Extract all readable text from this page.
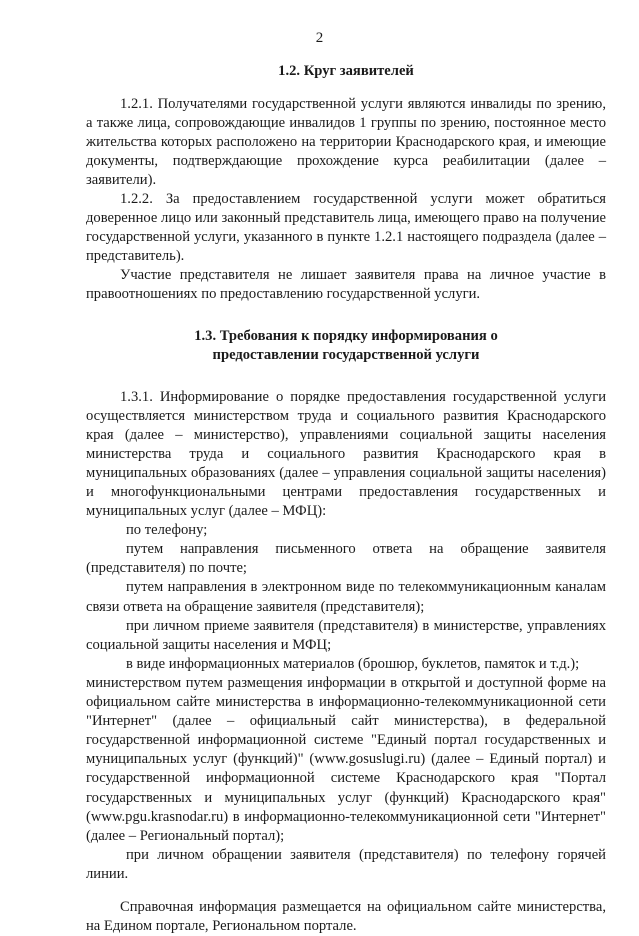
2
1.2. Круг заявителей

1.2.1. Получателями государственной услуги являются инвалиды по зрению, а также лица, сопровождающие инвалидов 1 группы по зрению, постоянное место жительства которых расположено на территории Краснодарского края, и имеющие документы, подтверждающие прохождение курса реабилитации (далее – заявители).

1.2.2. За предоставлением государственной услуги может обратиться доверенное лицо или законный представитель лица, имеющего право на получение государственной услуги, указанного в пункте 1.2.1 настоящего подраздела (далее – представитель).

Участие представителя не лишает заявителя права на личное участие в правоотношениях по предоставлению государственной услуги.

1.3. Требования к порядку информирования о
предоставлении государственной услуги

1.3.1. Информирование о порядке предоставления государственной услуги осуществляется министерством труда и социального развития Краснодарского края (далее – министерство), управлениями социальной защиты населения министерства труда и социального развития Краснодарского края в муниципальных образованиях (далее – управления социальной защиты населения) и многофункциональными центрами предоставления государственных и муниципальных услуг (далее – МФЦ):

по телефону;

путем направления письменного ответа на обращение заявителя (представителя) по почте;

путем направления в электронном виде по телекоммуникационным каналам связи ответа на обращение заявителя (представителя);

при личном приеме заявителя (представителя) в министерстве, управлениях социальной защиты населения и МФЦ;

в виде информационных материалов (брошюр, буклетов, памяток и т.д.);

министерством путем размещения информации в открытой и доступной форме на официальном сайте министерства в информационно-телекоммуникационной сети "Интернет" (далее – официальный сайт министерства), в федеральной государственной информационной системе "Единый портал государственных и муниципальных услуг (функций)" (www.gosuslugi.ru) (далее – Единый портал) и государственной информационной системе Краснодарского края "Портал государственных и муниципальных услуг (функций) Краснодарского края" (www.pgu.krasnodar.ru) в информационно-телекоммуникационной сети "Интернет" (далее – Региональный портал);

при личном обращении заявителя (представителя) по телефону горячей линии.

Справочная информация размещается на официальном сайте министерства, на Едином портале, Региональном портале.
